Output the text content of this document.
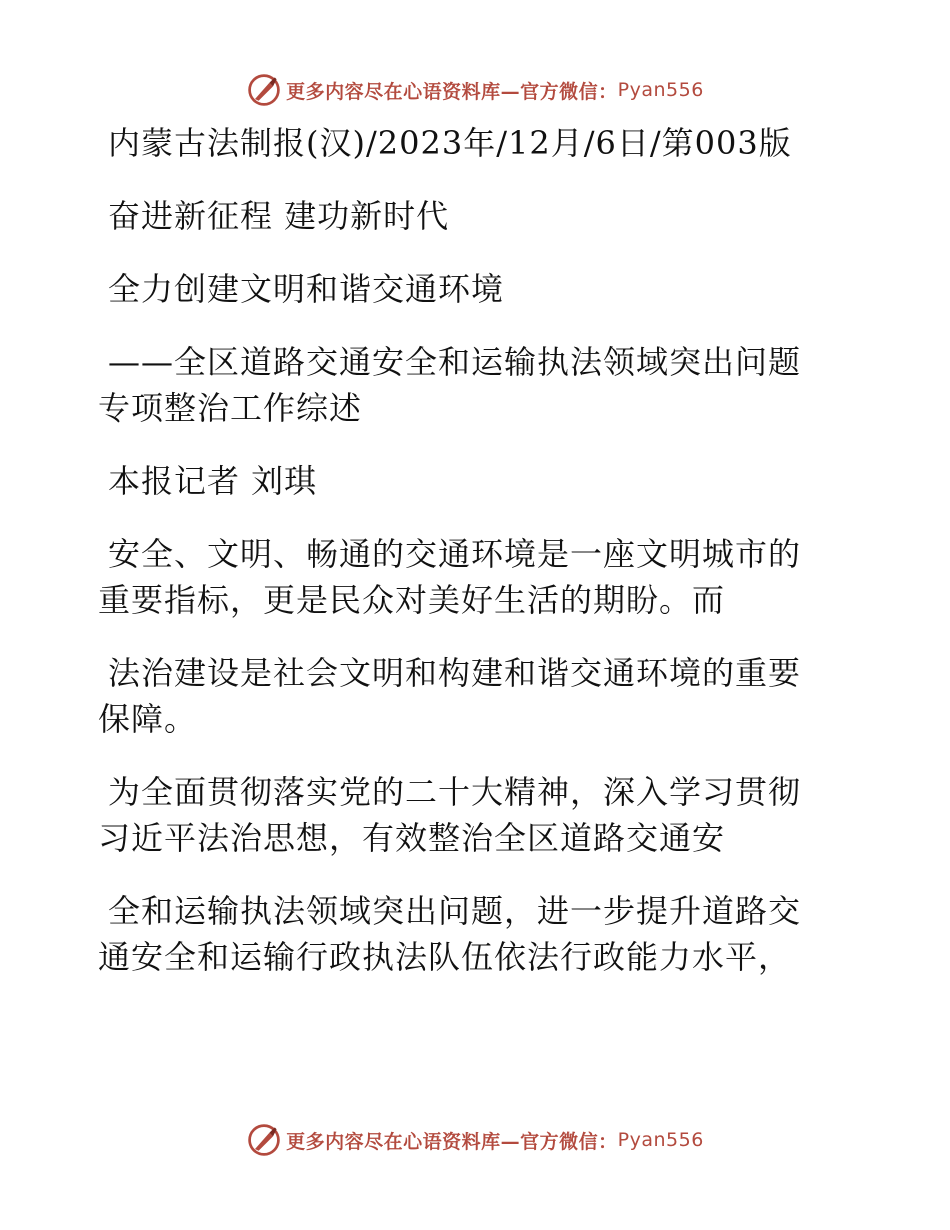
更多内容尽在心语资料库—官方微信： Pyan556
内蒙古法制报(汉)/2023年/12月/6日/第003版
奋进新征程 建功新时代
全力创建文明和谐交通环境
——全区道路交通安全和运输执法领域突出问题
专项整治工作综述
本报记者 刘琪
安全、文明、畅通的交通环境是一座文明城市的
重要指标，更是民众对美好生活的期盼。而
法治建设是社会文明和构建和谐交通环境的重要
保障。
为全面贯彻落实党的二十大精神，深入学习贯彻
习近平法治思想，有效整治全区道路交通安
全和运输执法领域突出问题，进一步提升道路交
通安全和运输行政执法队伍依法行政能力水平，
更多内容尽在心语资料库—官方微信： Pyan556
